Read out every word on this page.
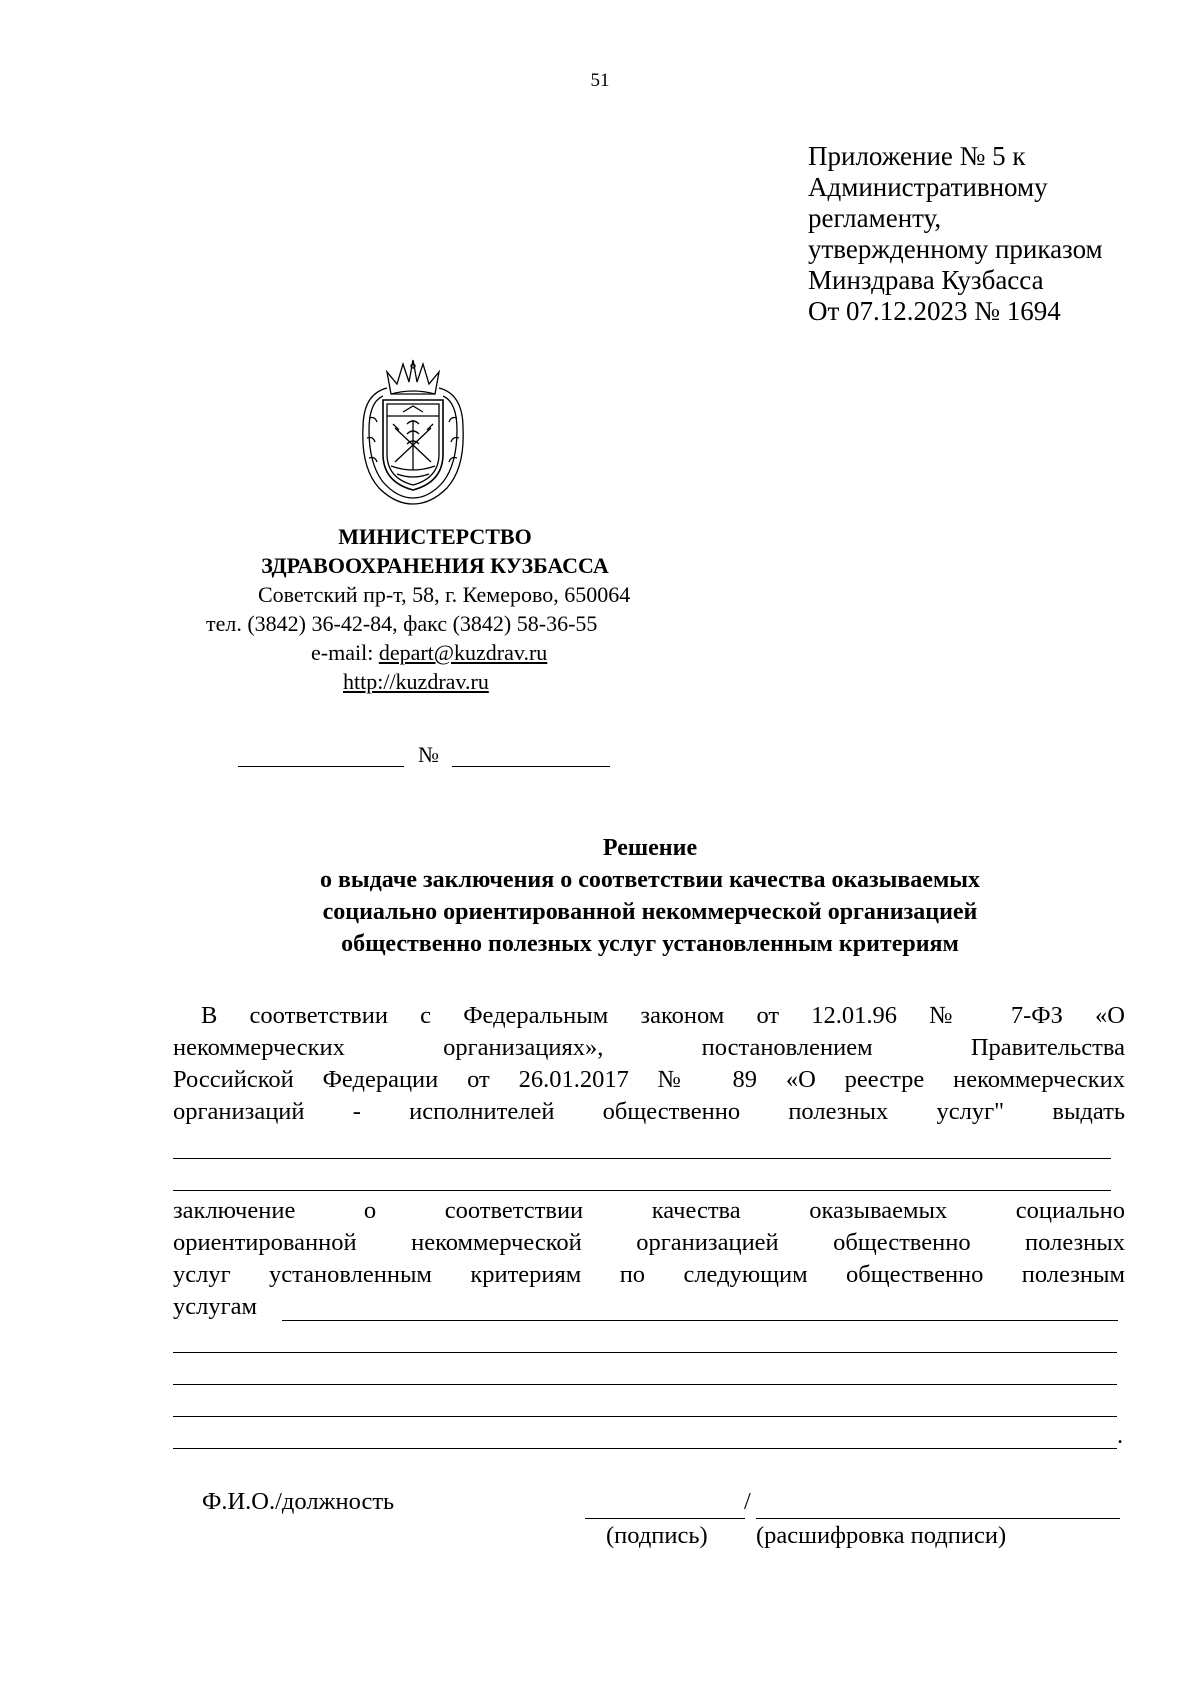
51
Приложение № 5 к
Административному
регламенту,
утвержденному приказом
Минздрава Кузбасса
От 07.12.2023 № 1694
МИНИСТЕРСТВО
ЗДРАВООХРАНЕНИЯ КУЗБАССА
Советский пр-т, 58, г. Кемерово, 650064
тел. (3842) 36-42-84, факс (3842) 58-36-55
e-mail: depart@kuzdrav.ru
http://kuzdrav.ru
№
Решение
о выдаче заключения о соответствии качества оказываемых
социально ориентированной некоммерческой организацией
общественно полезных услуг установленным критериям
В соответствии с Федеральным законом от 12.01.96 № 7-ФЗ «О
некоммерческих организациях», постановлением Правительства
Российской Федерации от 26.01.2017 № 89 «О реестре некоммерческих
организаций - исполнителей общественно полезных услуг" выдать
заключение о соответствии качества оказываемых социально
ориентированной некоммерческой организацией общественно полезных
услуг установленным критериям по следующим общественно полезным
услугам
.
Ф.И.О./должность	/
(подпись) (расшифровка подписи)
